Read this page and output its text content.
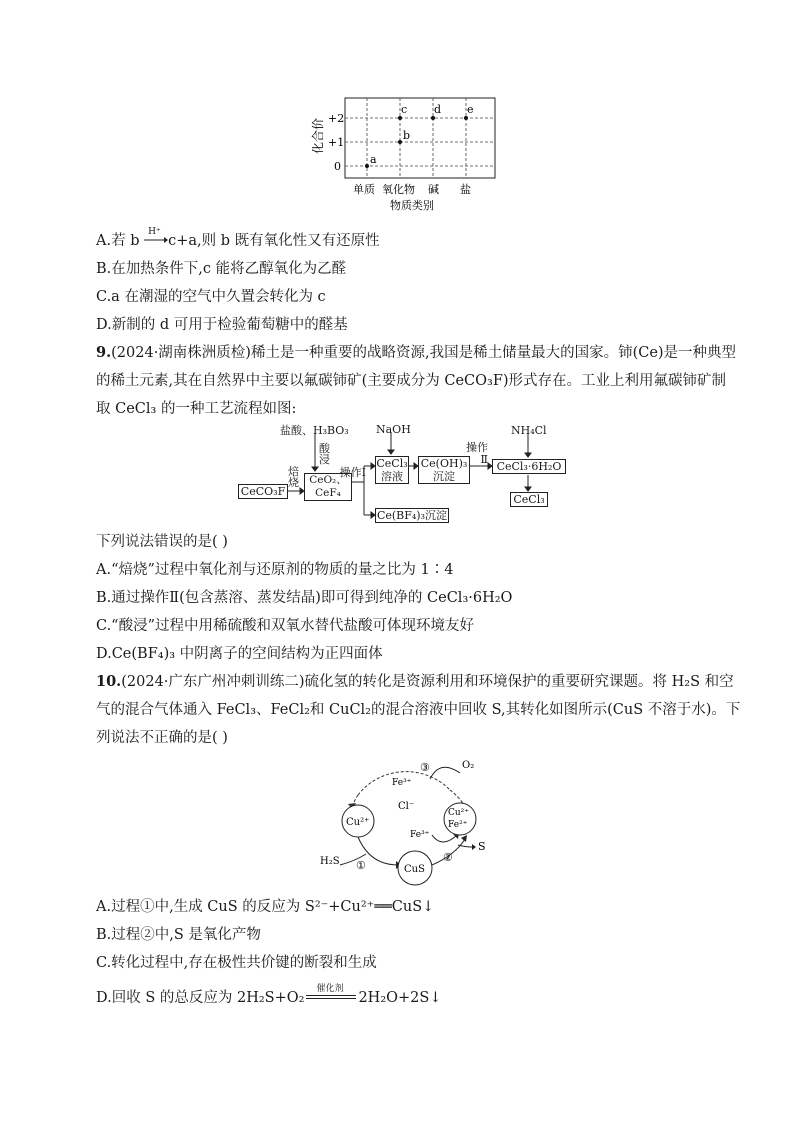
化合价 +2
+1
0
a
b
c d e
单质 氧化物 碱 盐
物质类别
A.若 b
H⁺
c+a,则 b 既有氧化性又有还原性
B.在加热条件下,c 能将乙醇氧化为乙醛
C.a 在潮湿的空气中久置会转化为 c
D.新制的 d 可用于检验葡萄糖中的醛基
9.(2024·湖南株洲质检)稀土是一种重要的战略资源,我国是稀土储量最大的国家。铈(Ce)是一种典型
的稀土元素,其在自然界中主要以氟碳铈矿(主要成分为 CeCO₃F)形式存在。工业上利用氟碳铈矿制
取 CeCl₃ 的一种工艺流程如图:
盐酸、H₃BO₃
酸浸
NaOH	NH₄Cl
CeCO₃F
焙烧 CeO₂、CeF₄
操作Ⅰ
CeCl₃溶液
Ce(OH)₃沉淀
操作Ⅱ
CeCl₃·6H₂O
CeCl₃
Ce(BF₄)₃沉淀
下列说法错误的是( )
A.“焙烧”过程中氧化剂与还原剂的物质的量之比为 1∶4
B.通过操作Ⅱ(包含蒸溶、蒸发结晶)即可得到纯净的 CeCl₃·6H₂O
C.“酸浸”过程中用稀硫酸和双氧水替代盐酸可体现环境友好
D.Ce(BF₄)₃ 中阴离子的空间结构为正四面体
10.(2024·广东广州冲刺训练二)硫化氢的转化是资源利用和环境保护的重要研究课题。将 H₂S 和空
气的混合气体通入 FeCl₃、FeCl₂和 CuCl₂的混合溶液中回收 S,其转化如图所示(CuS 不溶于水)。下
列说法不正确的是( )
Cu²⁺
Cl⁻
Cu²⁺
Fe²⁺
Fe³⁺
Fe³⁺
O₂
H₂S
CuS
S
①
②
③
A.过程①中,生成 CuS 的反应为 S²⁻+Cu²⁺══CuS↓
B.过程②中,S 是氧化产物
C.转化过程中,存在极性共价键的断裂和生成
D.回收 S 的总反应为 2H₂S+O₂
催化剂
2H₂O+2S↓
